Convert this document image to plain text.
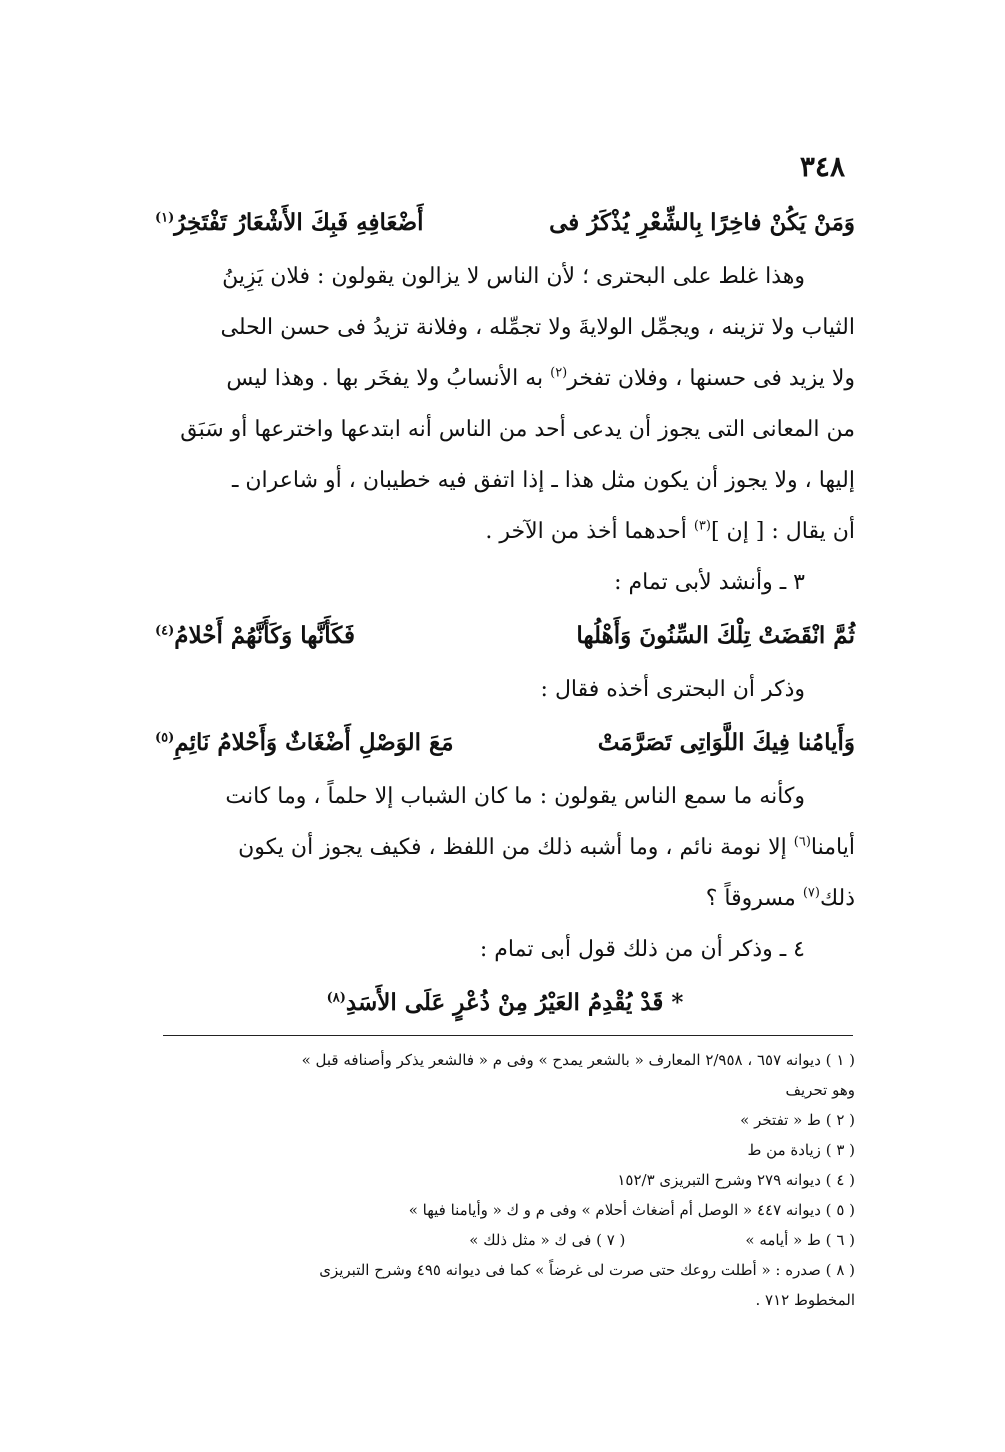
٣٤٨
وَمَنْ يَكُنْ فاخِرًا بِالشِّعْرِ يُذْكَرُ فى
أَضْعَافِهِ فَبِكَ الأَشْعَارُ تَفْتَخِرُ$^{(١)}$
وهذا غلط على البحترى ؛ لأن الناس لا يزالون يقولون : فلان يَزِينُ
الثياب ولا تزينه ، ويجمِّل الولايةَ ولا تجمِّله ، وفلانة تزيدُ فى حسن الحلى
ولا يزيد فى حسنها ، وفلان تفخر$^{(٢)}$ به الأنسابُ ولا يفخَر بها . وهذا ليس
من المعانى التى يجوز أن يدعى أحد من الناس أنه ابتدعها واخترعها أو سَبَق
إليها ، ولا يجوز أن يكون مثل هذا ـ إذا اتفق فيه خطيبان ، أو شاعران ـ
أن يقال : [ إن ]$^{(٣)}$ أحدهما أخذ من الآخر .
٣ ـ وأنشد لأبى تمام :
ثُمَّ انْقَضَتْ تِلْكَ السِّنُونَ وَأَهْلُها
فَكَأَنَّها وَكَأَنَّهُمْ أَحْلامُ$^{(٤)}$
وذكر أن البحترى أخذه فقال :
وَأَيامُنا فِيكَ اللَّوَاتِى تَصَرَّمَتْ
مَعَ الوَصْلِ أَضْغَاثٌ وَأَحْلامُ نَائِمِ$^{(٥)}$
وكأنه ما سمع الناس يقولون : ما كان الشباب إلا حلماً ، وما كانت
أيامنا$^{(٦)}$ إلا نومة نائم ، وما أشبه ذلك من اللفظ ، فكيف يجوز أن يكون
ذلك$^{(٧)}$ مسروقاً ؟
٤ ـ وذكر أن من ذلك قول أبى تمام :
* قَدْ يُقْدِمُ العَيْرُ مِنْ ذُعْرٍ عَلَى الأَسَدِ$^{(٨)}$
( ١ ) ديوانه ٦٥٧ ، ٢/٩٥٨ المعارف « بالشعر يمدح » وفى م « فالشعر يذكر وأصنافه قبل »
وهو تحريف
( ٢ ) ط « تفتخر »
( ٣ ) زيادة من ط
( ٤ ) ديوانه ٢٧٩ وشرح التبريزى ١٥٢/٣
( ٥ ) ديوانه ٤٤٧ « الوصل أم أضغاث أحلام » وفى م و ك « وأيامنا فيها »
( ٦ ) ط « أيامه »
( ٧ ) فى ك « مثل ذلك »
( ٨ ) صدره : « أطلت روعك حتى صرت لى غرضاً » كما فى ديوانه ٤٩٥ وشرح التبريزى
المخطوط ٧١٢ .
